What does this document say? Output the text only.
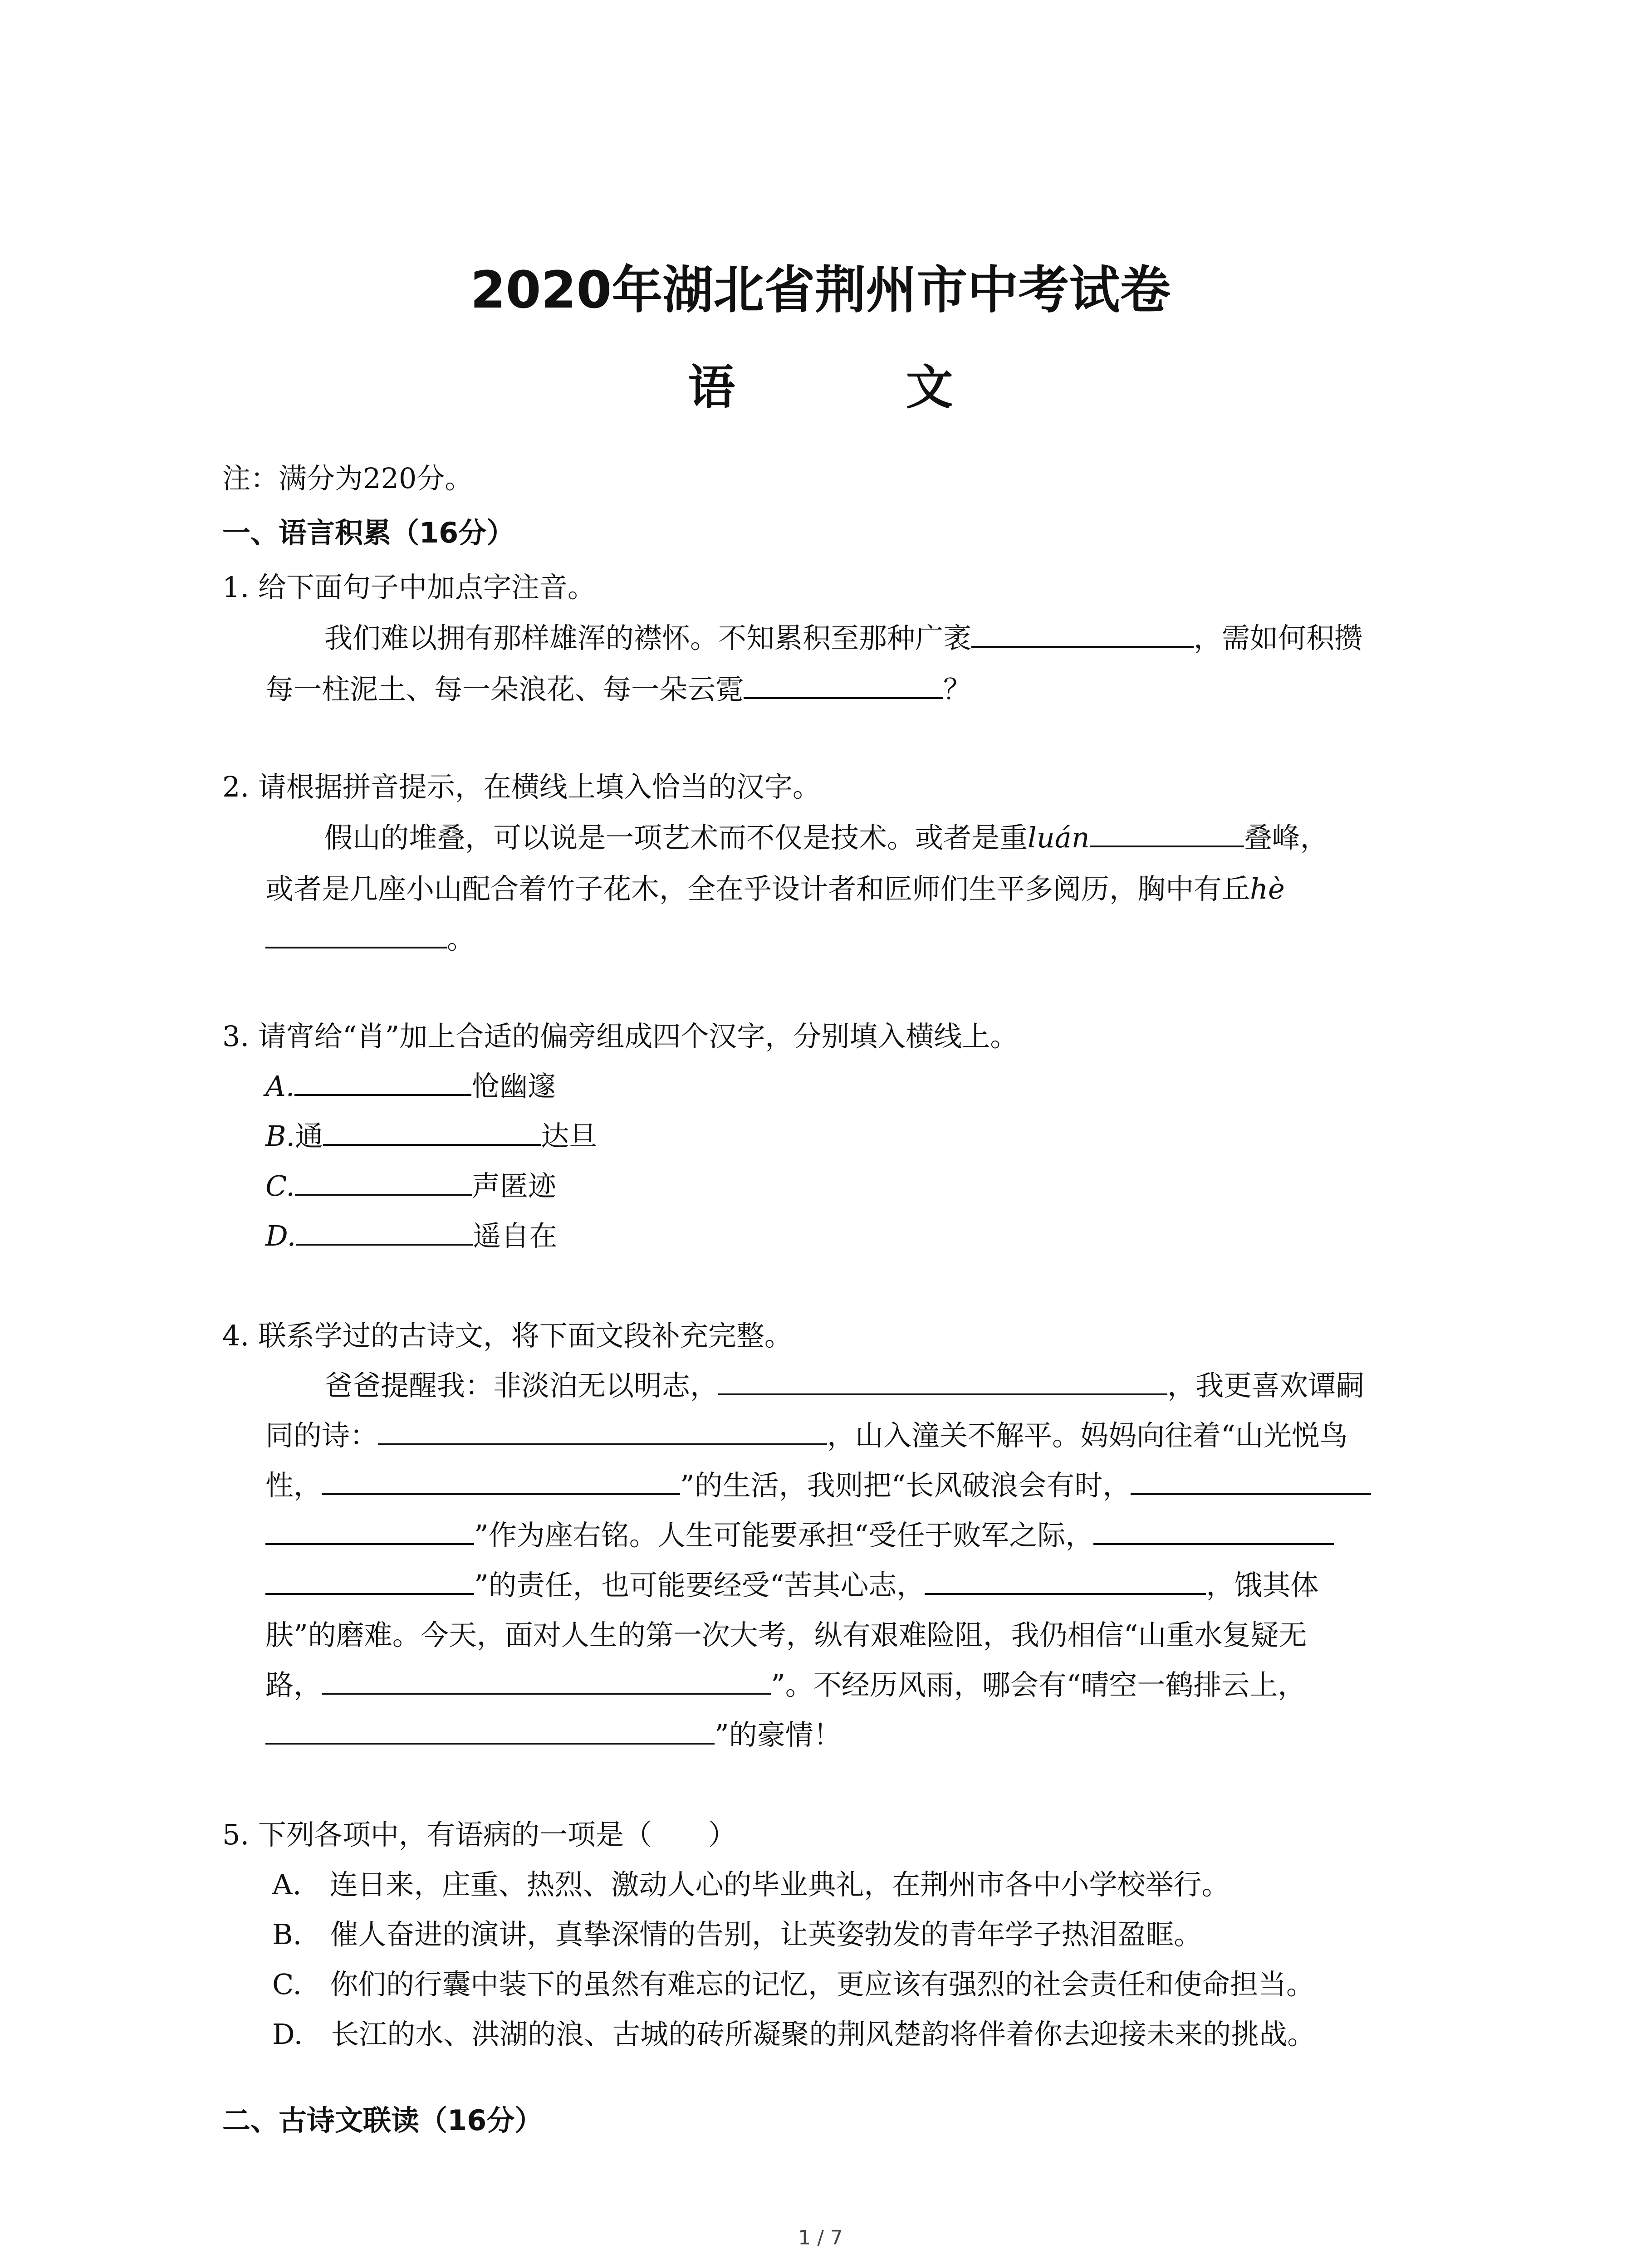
2020年湖北省荆州市中考试卷
语 文
注：满分为220分。
一、语言积累（16分）
1. 给下面句子中加点字注音。
我们难以拥有那样雄浑的襟怀。不知累积至那种广袤	，需如何积攒
每一柱泥土、每一朵浪花、每一朵云霓	？
2. 请根据拼音提示，在横线上填入恰当的汉字。
假山的堆叠，可以说是一项艺术而不仅是技术。或者是重luán	叠峰，
或者是几座小山配合着竹子花木，全在乎设计者和匠师们生平多阅历，胸中有丘hè
。
3. 请宵给“肖”加上合适的偏旁组成四个汉字，分别填入横线上。
A.	怆幽邃
B.通	达旦
C.	声匿迹
D.	遥自在
4. 联系学过的古诗文，将下面文段补充完整。
爸爸提醒我：非淡泊无以明志，	，我更喜欢谭嗣
同的诗：	，山入潼关不解平。妈妈向往着“山光悦鸟
性，	”的生活，我则把“长风破浪会有时，
”作为座右铭。人生可能要承担“受任于败军之际，
”的责任，也可能要经受“苦其心志，	，饿其体
肤”的磨难。今天，面对人生的第一次大考，纵有艰难险阻，我仍相信“山重水复疑无
路，	”。不经历风雨，哪会有“晴空一鹤排云上，
”的豪情！
5. 下列各项中，有语病的一项是（　　）
A.  连日来，庄重、热烈、激动人心的毕业典礼，在荆州市各中小学校举行。
B.  催人奋进的演讲，真挚深情的告别，让英姿勃发的青年学子热泪盈眶。
C.  你们的行囊中装下的虽然有难忘的记忆，更应该有强烈的社会责任和使命担当。
D.  长江的水、洪湖的浪、古城的砖所凝聚的荆风楚韵将伴着你去迎接未来的挑战。
二、古诗文联读（16分）
1 / 7
